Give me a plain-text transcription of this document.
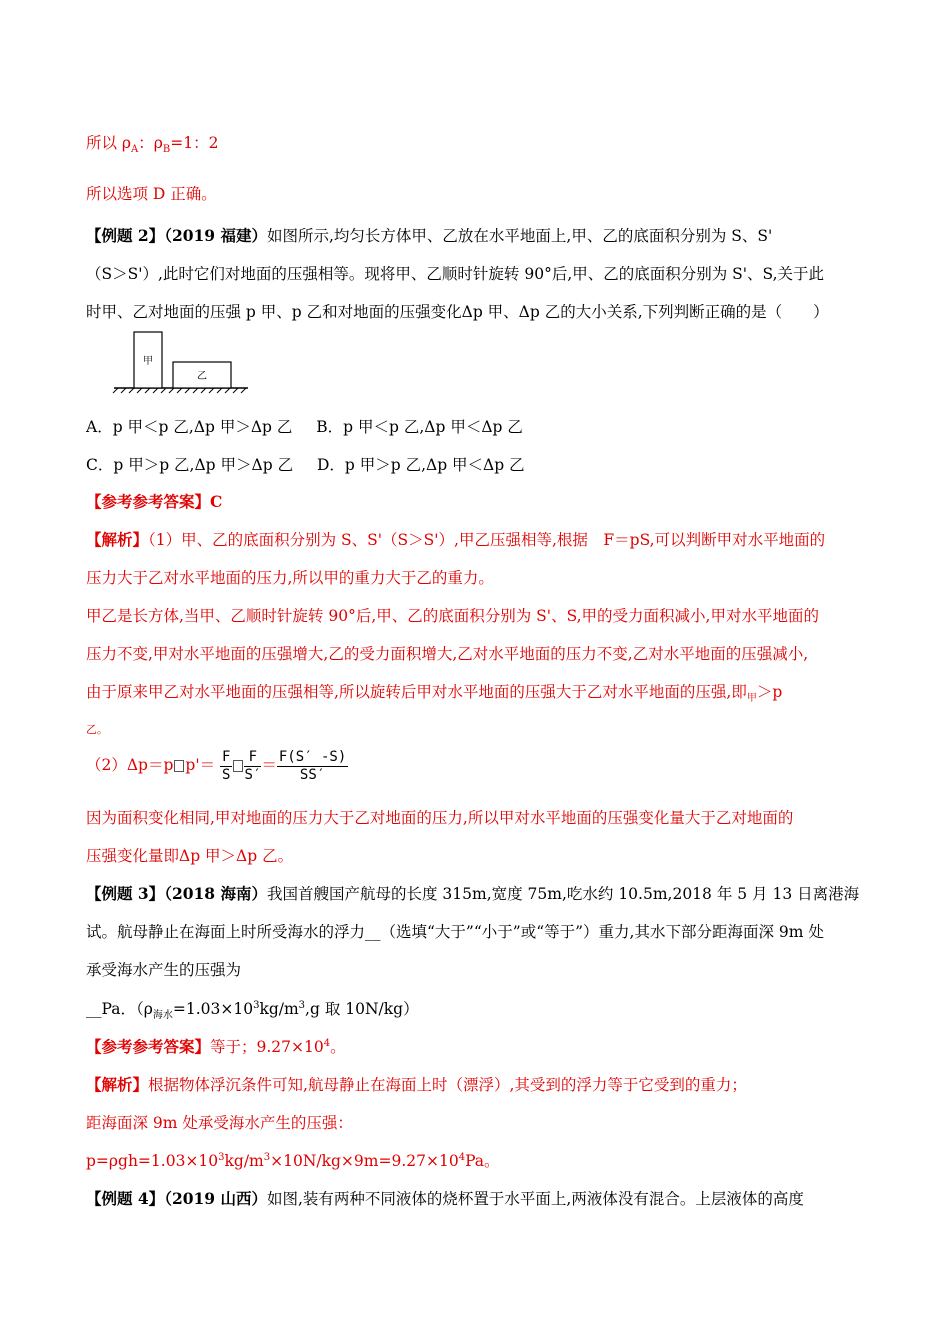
所以 $\rho_A$：$\rho_B=1$：2
所以选项 D 正确。
【例题 2】（2019 福建）如图所示,均匀长方体甲、乙放在水平地面上,甲、乙的底面积分别为 S、S'
（S＞S'）,此时它们对地面的压强相等。现将甲、乙顺时针旋转 90°后,甲、乙的底面积分别为 S'、S,关于此
时甲、乙对地面的压强 p 甲、p 乙和对地面的压强变化Δp 甲、Δp 乙的大小关系,下列判断正确的是（　　）
甲
乙
A．p 甲＜p 乙,Δp 甲＞Δp 乙 B．p 甲＜p 乙,Δp 甲＜Δp 乙
C．p 甲＞p 乙,Δp 甲＞Δp 乙 D．p 甲＞p 乙,Δp 甲＜Δp 乙
【参考参考答案】C
【解析】（1）甲、乙的底面积分别为 S、S'（S＞S'）,甲乙压强相等,根据　F＝pS,可以判断甲对水平地面的
压力大于乙对水平地面的压力,所以甲的重力大于乙的重力。
甲乙是长方体,当甲、乙顺时针旋转 90°后,甲、乙的底面积分别为 S'、S,甲的受力面积减小,甲对水平地面的
压力不变,甲对水平地面的压强增大,乙的受力面积增大,乙对水平地面的压力不变,乙对水平地面的压强减小,
由于原来甲乙对水平地面的压强相等,所以旋转后甲对水平地面的压强大于乙对水平地面的压强,即$_甲$＞p
乙。
（2）Δp＝p $p'= \frac{F}{S} \frac{F}{S'} = \frac{F(S' -S)}{SS'}$
因为面积变化相同,甲对地面的压力大于乙对地面的压力,所以甲对水平地面的压强变化量大于乙对地面的
压强变化量即Δp 甲＞Δp 乙。
【例题 3】（2018 海南）我国首艘国产航母的长度 315m,宽度 75m,吃水约 10.5m,2018 年 5 月 13 日离港海
试。航母静止在海面上时所受海水的浮力__（选填“大于”“小于”或“等于”）重力,其水下部分距海面深 9m 处
承受海水产生的压强为
__Pa．（$\rho_{海水}=1.03\times 10^3kg/m^3,g$ 取 10N/kg）
【参考参考答案】等于；$9.27\times 10^4$。
【解析】根据物体浮沉条件可知,航母静止在海面上时（漂浮）,其受到的浮力等于它受到的重力；
距海面深 9m 处承受海水产生的压强：
$p=\rho gh=1.03\times 10^3kg/m^3\times 10N/kg\times 9m=9.27\times 10^4Pa$。
【例题 4】（2019 山西）如图,装有两种不同液体的烧杯置于水平面上,两液体没有混合。上层液体的高度
